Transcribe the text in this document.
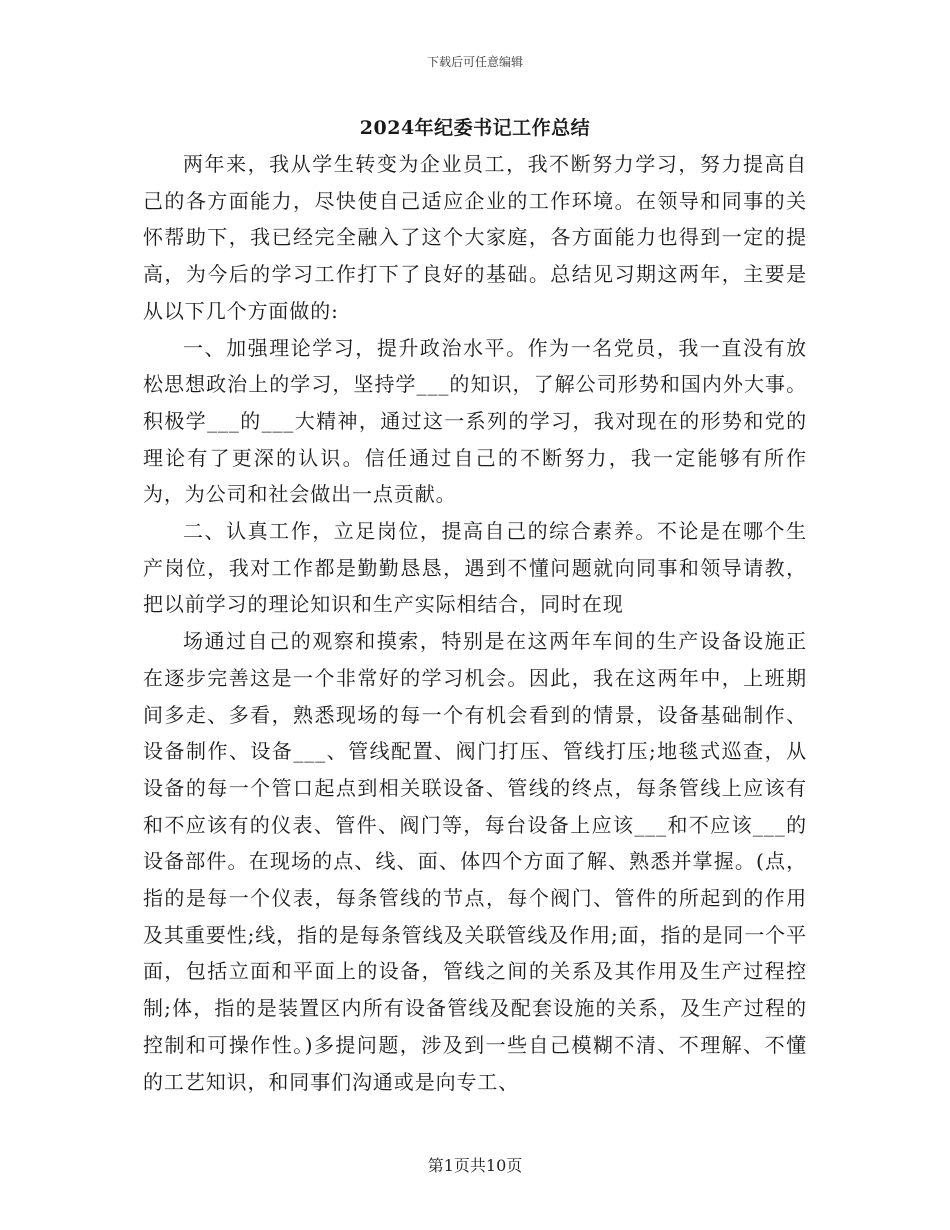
下载后可任意编辑
2024年纪委书记工作总结

两年来，我从学生转变为企业员工，我不断努力学习，努力提高自己的各方面能力，尽快使自己适应企业的工作环境。在领导和同事的关怀帮助下，我已经完全融入了这个大家庭，各方面能力也得到一定的提高，为今后的学习工作打下了良好的基础。总结见习期这两年，主要是从以下几个方面做的:

一、加强理论学习，提升政治水平。作为一名党员，我一直没有放松思想政治上的学习，坚持学___的知识，了解公司形势和国内外大事。积极学___的___大精神，通过这一系列的学习，我对现在的形势和党的理论有了更深的认识。信任通过自己的不断努力，我一定能够有所作为，为公司和社会做出一点贡献。

二、认真工作，立足岗位，提高自己的综合素养。不论是在哪个生产岗位，我对工作都是勤勤恳恳，遇到不懂问题就向同事和领导请教，把以前学习的理论知识和生产实际相结合，同时在现

场通过自己的观察和摸索，特别是在这两年车间的生产设备设施正在逐步完善这是一个非常好的学习机会。因此，我在这两年中，上班期间多走、多看，熟悉现场的每一个有机会看到的情景，设备基础制作、设备制作、设备___、管线配置、阀门打压、管线打压;地毯式巡查，从设备的每一个管口起点到相关联设备、管线的终点，每条管线上应该有和不应该有的仪表、管件、阀门等，每台设备上应该___和不应该___的设备部件。在现场的点、线、面、体四个方面了解、熟悉并掌握。(点，指的是每一个仪表，每条管线的节点，每个阀门、管件的所起到的作用及其重要性;线，指的是每条管线及关联管线及作用;面，指的是同一个平面，包括立面和平面上的设备，管线之间的关系及其作用及生产过程控制;体，指的是装置区内所有设备管线及配套设施的关系，及生产过程的控制和可操作性。)多提问题，涉及到一些自己模糊不清、不理解、不懂的工艺知识，和同事们沟通或是向专工、

第1页共10页
